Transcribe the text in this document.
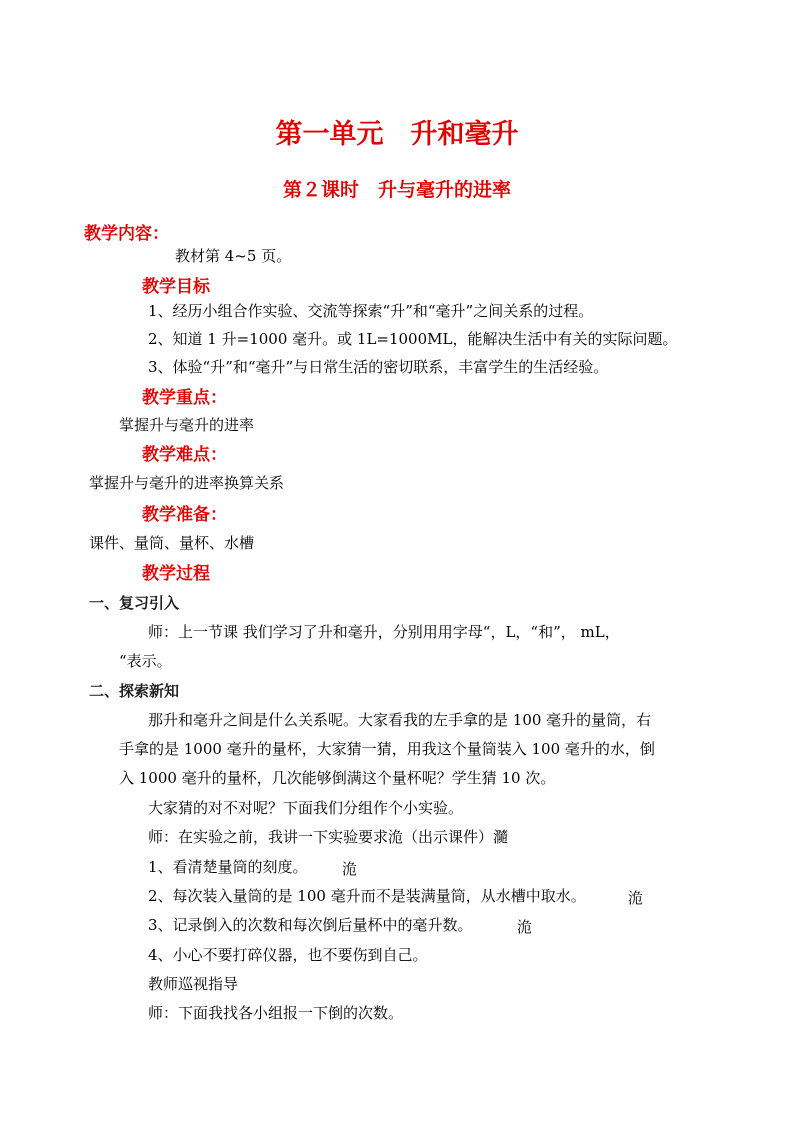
第一单元　升和毫升
第２课时　升与毫升的进率
教学内容：
教材第 4~5 页。
教学目标
1、经历小组合作实验、交流等探索“升”和“毫升”之间关系的过程。
2、知道 1 升=1000 毫升。或 1L=1000ML，能解决生活中有关的实际问题。
3、体验“升”和“毫升”与日常生活的密切联系，丰富学生的生活经验。
教学重点：
掌握升与毫升的进率
教学难点：
掌握升与毫升的进率换算关系
教学准备：
课件、量筒、量杯、水槽
教学过程
一、复习引入
师：上一节课 我们学习了升和毫升，分别用用字母“，L，“和”， mL，
“表示。
二、探索新知
那升和毫升之间是什么关系呢。大家看我的左手拿的是 100 毫升的量筒，右
手拿的是 1000 毫升的量杯，大家猜一猜，用我这个量筒装入 100 毫升的水，倒
入 1000 毫升的量杯，几次能够倒满这个量杯呢？学生猜 10 次。
大家猜的对不对呢？下面我们分组作个小实验。
师：在实验之前，我讲一下实验要求洈（出示课件）瀡
1、看清楚量筒的刻度。 洈
2、每次装入量筒的是 100 毫升而不是装满量筒，从水槽中取水。	洈
3、记录倒入的次数和每次倒后量杯中的毫升数。	洈
4、小心不要打碎仪器，也不要伤到自己。
教师巡视指导
师：下面我找各小组报一下倒的次数。
